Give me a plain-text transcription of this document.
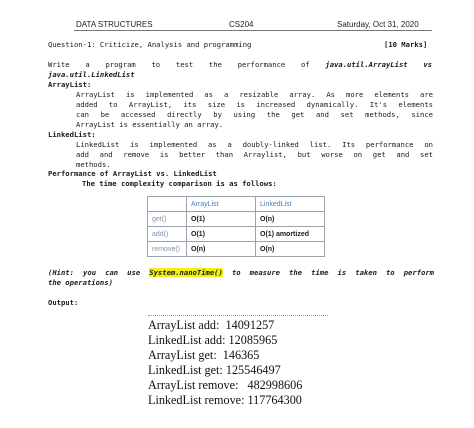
DATA STRUCTURES	CS204	Saturday, Oct 31, 2020
Question-1: Criticize, Analysis and programming	[10 Marks]
Write a program to test the performance of java.util.ArrayList vs
java.util.LinkedList
ArrayList:
ArrayList is implemented as a resizable array. As more elements are
added to ArrayList, its size is increased dynamically. It's elements
can be accessed directly by using the get and set methods, since
ArrayList is essentially an array.
LinkedList:
LinkedList is implemented as a doubly-linked list. Its performance on
add and remove is better than Arraylist, but worse on get and set
methods.
Performance of ArrayList vs. LinkedList
The time complexity comparison is as follows:
	ArrayList	LinkedList
get()	O(1)	O(n)
add()	O(1)	O(1) amortized
remove()	O(n)	O(n)
(Hint: you can use System.nanoTime() to measure the time is taken to perform
the operations)
Output:
ArrayList add:  14091257
LinkedList add: 12085965
ArrayList get:  146365
LinkedList get: 125546497
ArrayList remove:   482998606
LinkedList remove: 117764300
